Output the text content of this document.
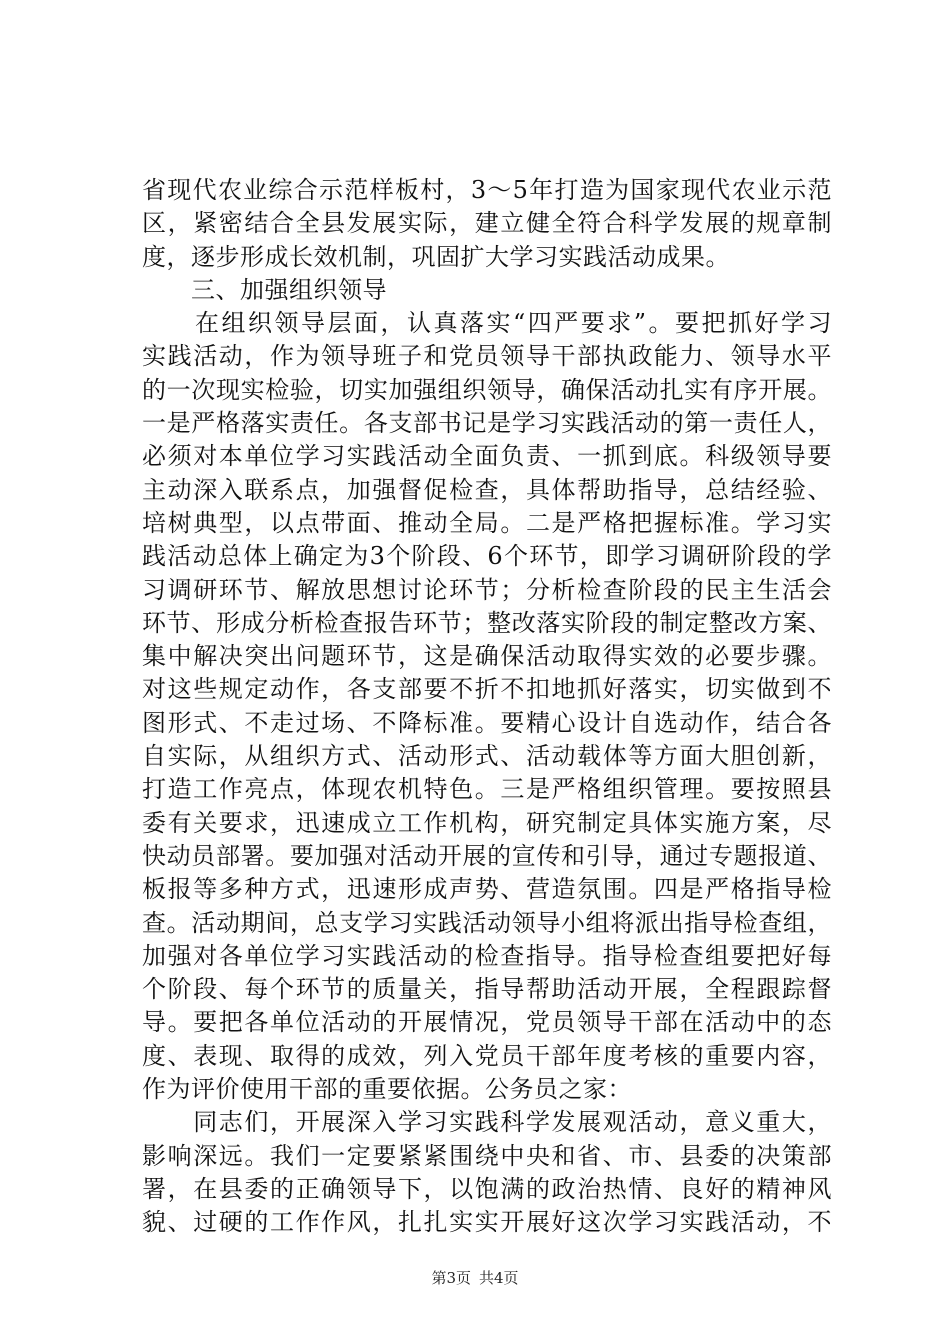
省现代农业综合示范样板村，3～5年打造为国家现代农业示范
区，紧密结合全县发展实际，建立健全符合科学发展的规章制
度，逐步形成长效机制，巩固扩大学习实践活动成果。
　　三、加强组织领导
　　在组织领导层面，认真落实“四严要求”。要把抓好学习
实践活动，作为领导班子和党员领导干部执政能力、领导水平
的一次现实检验，切实加强组织领导，确保活动扎实有序开展。
一是严格落实责任。各支部书记是学习实践活动的第一责任人，
必须对本单位学习实践活动全面负责、一抓到底。科级领导要
主动深入联系点，加强督促检查，具体帮助指导，总结经验、
培树典型，以点带面、推动全局。二是严格把握标准。学习实
践活动总体上确定为3个阶段、6个环节，即学习调研阶段的学
习调研环节、解放思想讨论环节；分析检查阶段的民主生活会
环节、形成分析检查报告环节；整改落实阶段的制定整改方案、
集中解决突出问题环节，这是确保活动取得实效的必要步骤。
对这些规定动作，各支部要不折不扣地抓好落实，切实做到不
图形式、不走过场、不降标准。要精心设计自选动作，结合各
自实际，从组织方式、活动形式、活动载体等方面大胆创新，
打造工作亮点，体现农机特色。三是严格组织管理。要按照县
委有关要求，迅速成立工作机构，研究制定具体实施方案，尽
快动员部署。要加强对活动开展的宣传和引导，通过专题报道、
板报等多种方式，迅速形成声势、营造氛围。四是严格指导检
查。活动期间，总支学习实践活动领导小组将派出指导检查组，
加强对各单位学习实践活动的检查指导。指导检查组要把好每
个阶段、每个环节的质量关，指导帮助活动开展，全程跟踪督
导。要把各单位活动的开展情况，党员领导干部在活动中的态
度、表现、取得的成效，列入党员干部年度考核的重要内容，
作为评价使用干部的重要依据。公务员之家：
　　同志们，开展深入学习实践科学发展观活动，意义重大，
影响深远。我们一定要紧紧围绕中央和省、市、县委的决策部
署，在县委的正确领导下，以饱满的政治热情、良好的精神风
貌、过硬的工作作风，扎扎实实开展好这次学习实践活动，不
第3页 共4页
